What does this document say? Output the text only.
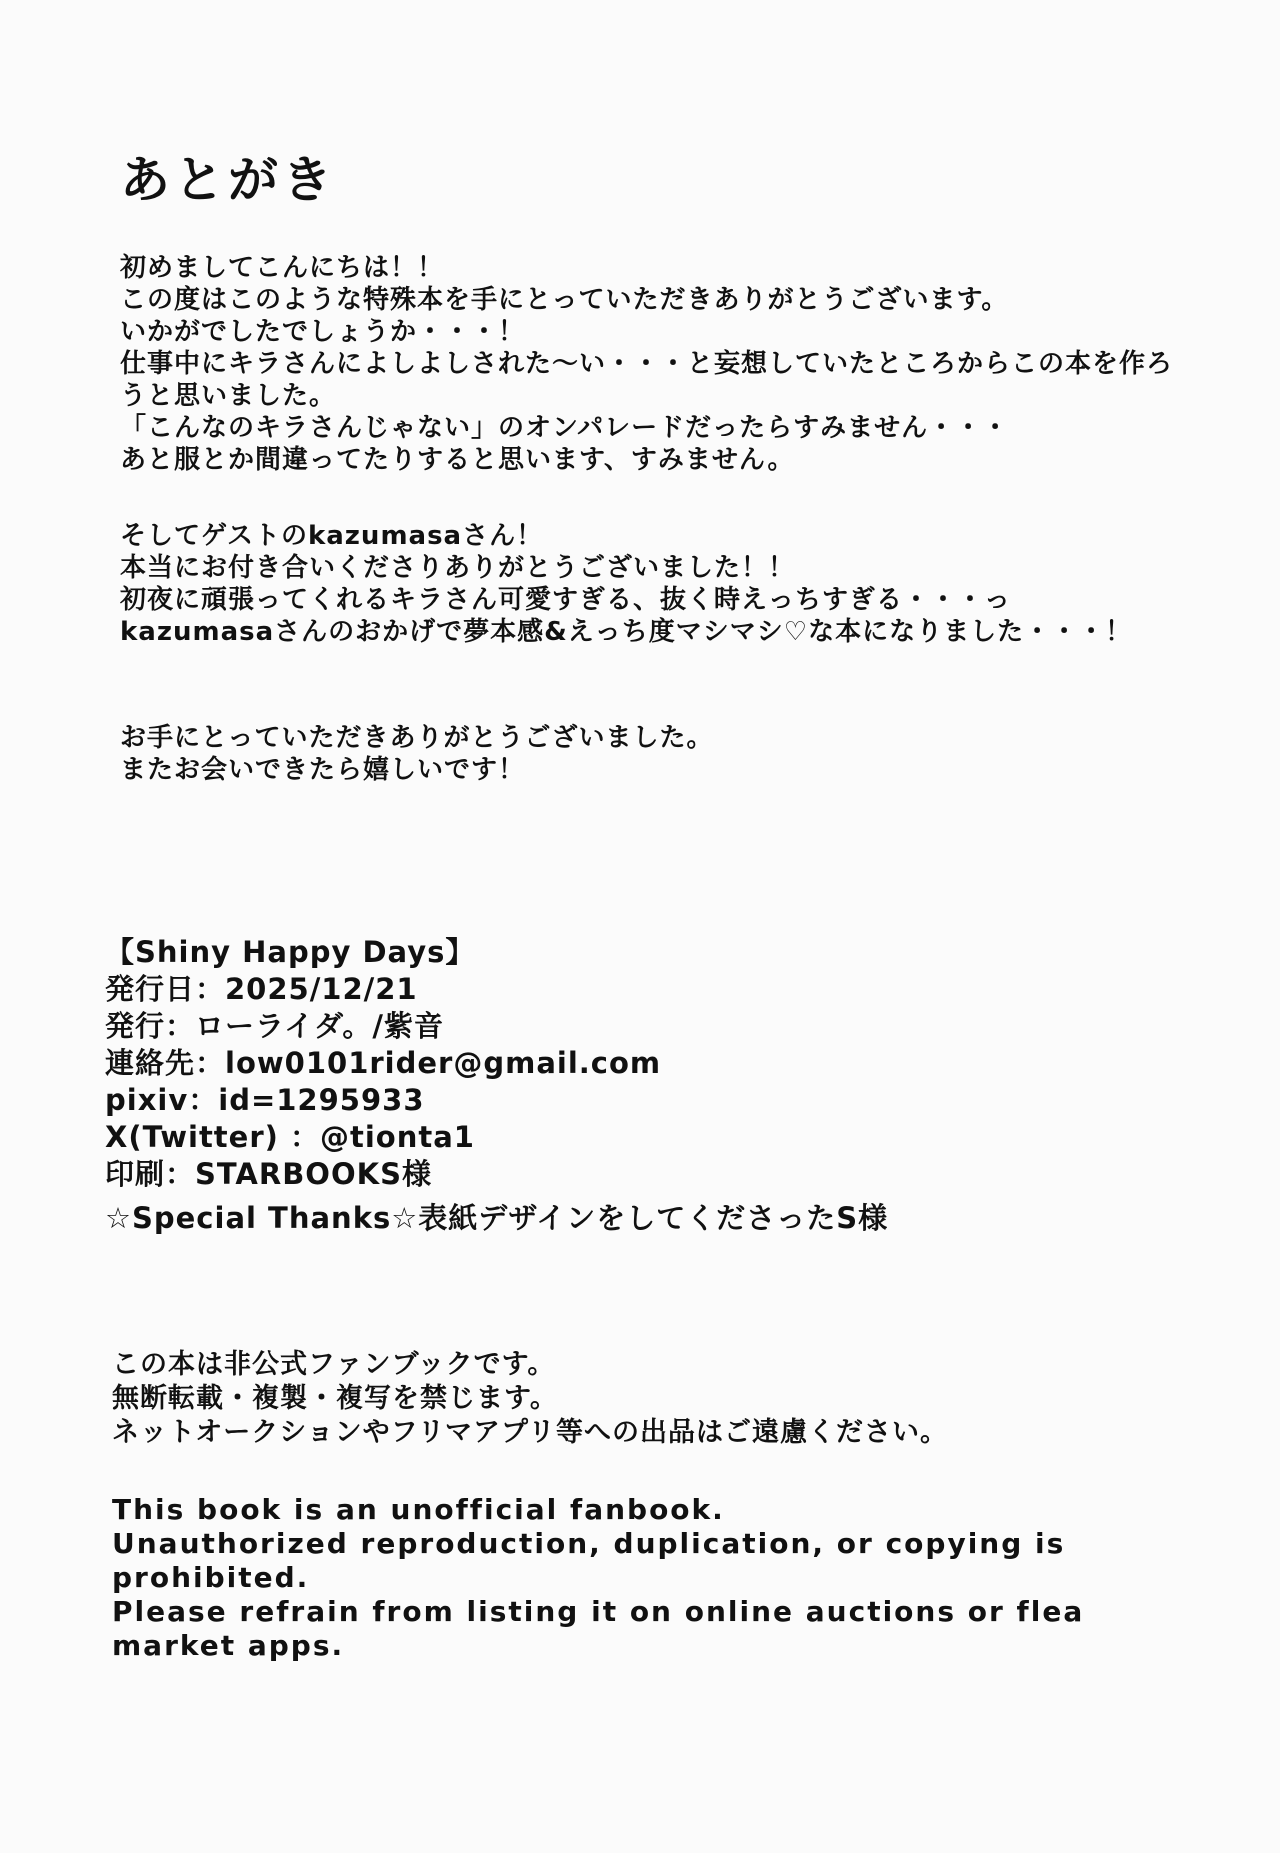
あとがき
初めましてこんにちは！！
この度はこのような特殊本を手にとっていただきありがとうございます。
いかがでしたでしょうか・・・！
仕事中にキラさんによしよしされた〜い・・・と妄想していたところからこの本を作ろ
うと思いました。
「こんなのキラさんじゃない」のオンパレードだったらすみません・・・
あと服とか間違ってたりすると思います、すみません。
そしてゲストのkazumasaさん！
本当にお付き合いくださりありがとうございました！！
初夜に頑張ってくれるキラさん可愛すぎる、抜く時えっちすぎる・・・っ
kazumasaさんのおかげで夢本感&えっち度マシマシ♡な本になりました・・・！
お手にとっていただきありがとうございました。
またお会いできたら嬉しいです！
【Shiny Happy Days】
発行日：2025/12/21
発行：ローライダ。/紫音
連絡先：low0101rider@gmail.com
pixiv：id=1295933
X(Twitter) ：@tionta1
印刷：STARBOOKS様
☆Special Thanks☆表紙デザインをしてくださったS様
この本は非公式ファンブックです。
無断転載・複製・複写を禁じます。
ネットオークションやフリマアプリ等への出品はご遠慮ください。
This book is an unofficial fanbook.
Unauthorized reproduction, duplication, or copying is
prohibited.
Please refrain from listing it on online auctions or flea
market apps.
